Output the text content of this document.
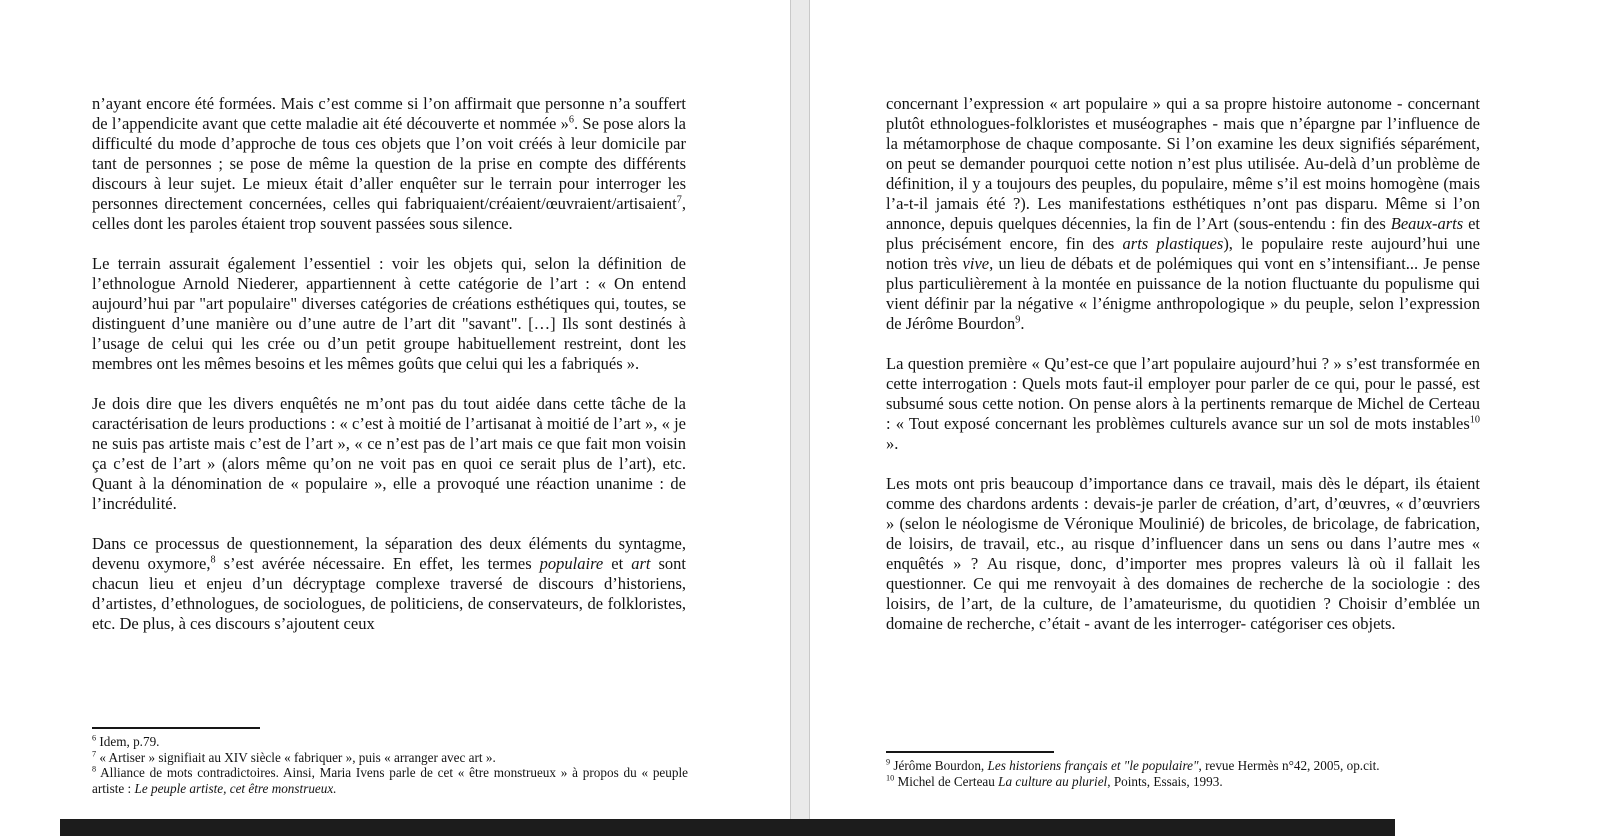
n’ayant encore été formées. Mais c’est comme si l’on affirmait que personne n’a souffert de l’appendicite avant que cette maladie ait été découverte et nommée »$^6$. Se pose alors la difficulté du mode d’approche de tous ces objets que l’on voit créés à leur domicile par tant de personnes ; se pose de même la question de la prise en compte des différents discours à leur sujet. Le mieux était d’aller enquêter sur le terrain pour interroger les personnes directement concernées, celles qui fabriquaient/créaient/œuvraient/artisaient$^7$, celles dont les paroles étaient trop souvent passées sous silence.

Le terrain assurait également l’essentiel : voir les objets qui, selon la définition de l’ethnologue Arnold Niederer, appartiennent à cette catégorie de l’art : « On entend aujourd’hui par "art populaire" diverses catégories de créations esthétiques qui, toutes, se distinguent d’une manière ou d’une autre de l’art dit "savant". […] Ils sont destinés à l’usage de celui qui les crée ou d’un petit groupe habituellement restreint, dont les membres ont les mêmes besoins et les mêmes goûts que celui qui les a fabriqués ».

Je dois dire que les divers enquêtés ne m’ont pas du tout aidée dans cette tâche de la caractérisation de leurs productions : « c’est à moitié de l’artisanat à moitié de l’art », « je ne suis pas artiste mais c’est de l’art », « ce n’est pas de l’art mais ce que fait mon voisin ça c’est de l’art » (alors même qu’on ne voit pas en quoi ce serait plus de l’art), etc. Quant à la dénomination de « populaire », elle a provoqué une réaction unanime : de l’incrédulité.

Dans ce processus de questionnement, la séparation des deux éléments du syntagme, devenu oxymore,$^8$ s’est avérée nécessaire. En effet, les termes populaire et art sont chacun lieu et enjeu d’un décryptage complexe traversé de discours d’historiens, d’artistes, d’ethnologues, de sociologues, de politiciens, de conservateurs, de folkloristes, etc. De plus, à ces discours s’ajoutent ceux

$^6$ Idem, p.79.

$^7$ « Artiser » signifiait au XIV siècle « fabriquer », puis « arranger avec art ».

$^8$ Alliance de mots contradictoires. Ainsi, Maria Ivens parle de cet « être monstrueux » à propos du « peuple artiste : Le peuple artiste, cet être monstrueux.

concernant l’expression « art populaire » qui a sa propre histoire autonome - concernant plutôt ethnologues-folkloristes et muséographes - mais que n’épargne par l’influence de la métamorphose de chaque composante. Si l’on examine les deux signifiés séparément, on peut se demander pourquoi cette notion n’est plus utilisée. Au-delà d’un problème de définition, il y a toujours des peuples, du populaire, même s’il est moins homogène (mais l’a-t-il jamais été ?). Les manifestations esthétiques n’ont pas disparu. Même si l’on annonce, depuis quelques décennies, la fin de l’Art (sous-entendu : fin des Beaux-arts et plus précisément encore, fin des arts plastiques), le populaire reste aujourd’hui une notion très vive, un lieu de débats et de polémiques qui vont en s’intensifiant... Je pense plus particulièrement à la montée en puissance de la notion fluctuante du populisme qui vient définir par la négative « l’énigme anthropologique » du peuple, selon l’expression de Jérôme Bourdon$^9$.

La question première « Qu’est-ce que l’art populaire aujourd’hui ? » s’est transformée en cette interrogation : Quels mots faut-il employer pour parler de ce qui, pour le passé, est subsumé sous cette notion. On pense alors à la pertinents remarque de Michel de Certeau : « Tout exposé concernant les problèmes culturels avance sur un sol de mots instables$^{10}$ ».

Les mots ont pris beaucoup d’importance dans ce travail, mais dès le départ, ils étaient comme des chardons ardents : devais-je parler de création, d’art, d’œuvres, « d’œuvriers » (selon le néologisme de Véronique Moulinié) de bricoles, de bricolage, de fabrication, de loisirs, de travail, etc., au risque d’influencer dans un sens ou dans l’autre mes « enquêtés » ? Au risque, donc, d’importer mes propres valeurs là où il fallait les questionner. Ce qui me renvoyait à des domaines de recherche de la sociologie : des loisirs, de l’art, de la culture, de l’amateurisme, du quotidien ? Choisir d’emblée un domaine de recherche, c’était - avant de les interroger- catégoriser ces objets.

$^9$ Jérôme Bourdon, Les historiens français et "le populaire", revue Hermès n°42, 2005, op.cit.

$^{10}$ Michel de Certeau La culture au pluriel, Points, Essais, 1993.
